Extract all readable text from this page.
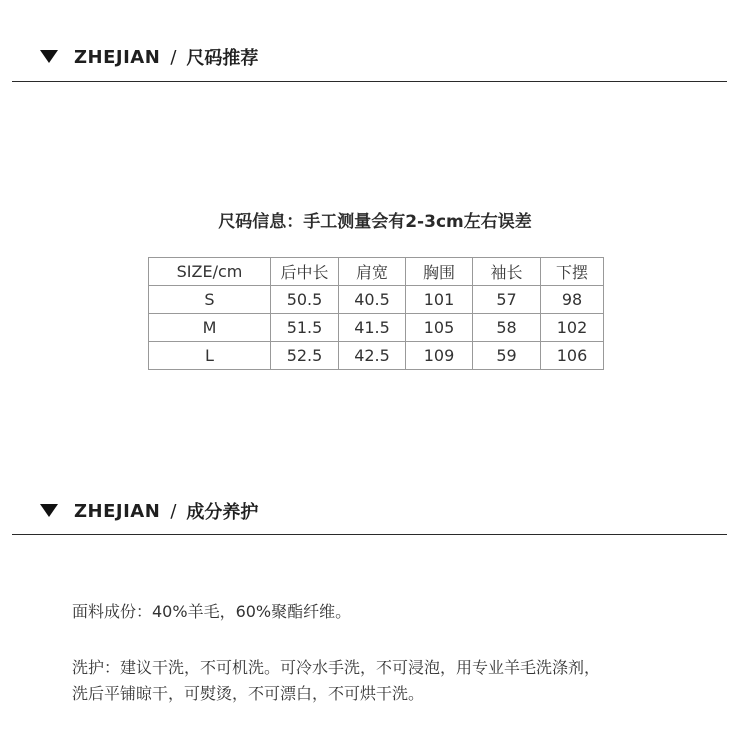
ZHEJIAN / 尺码推荐
尺码信息：手工测量会有2-3cm左右误差
SIZE/cm	后中长	肩宽	胸围	袖长	下摆
S	50.5	40.5	101	57	98
M	51.5	41.5	105	58	102
L	52.5	42.5	109	59	106
ZHEJIAN / 成分养护
面料成份：40%羊毛，60%聚酯纤维。
洗护：建议干洗，不可机洗。可冷水手洗，不可浸泡，用专业羊毛洗涤剂，
洗后平铺晾干，可熨烫，不可漂白，不可烘干洗。
